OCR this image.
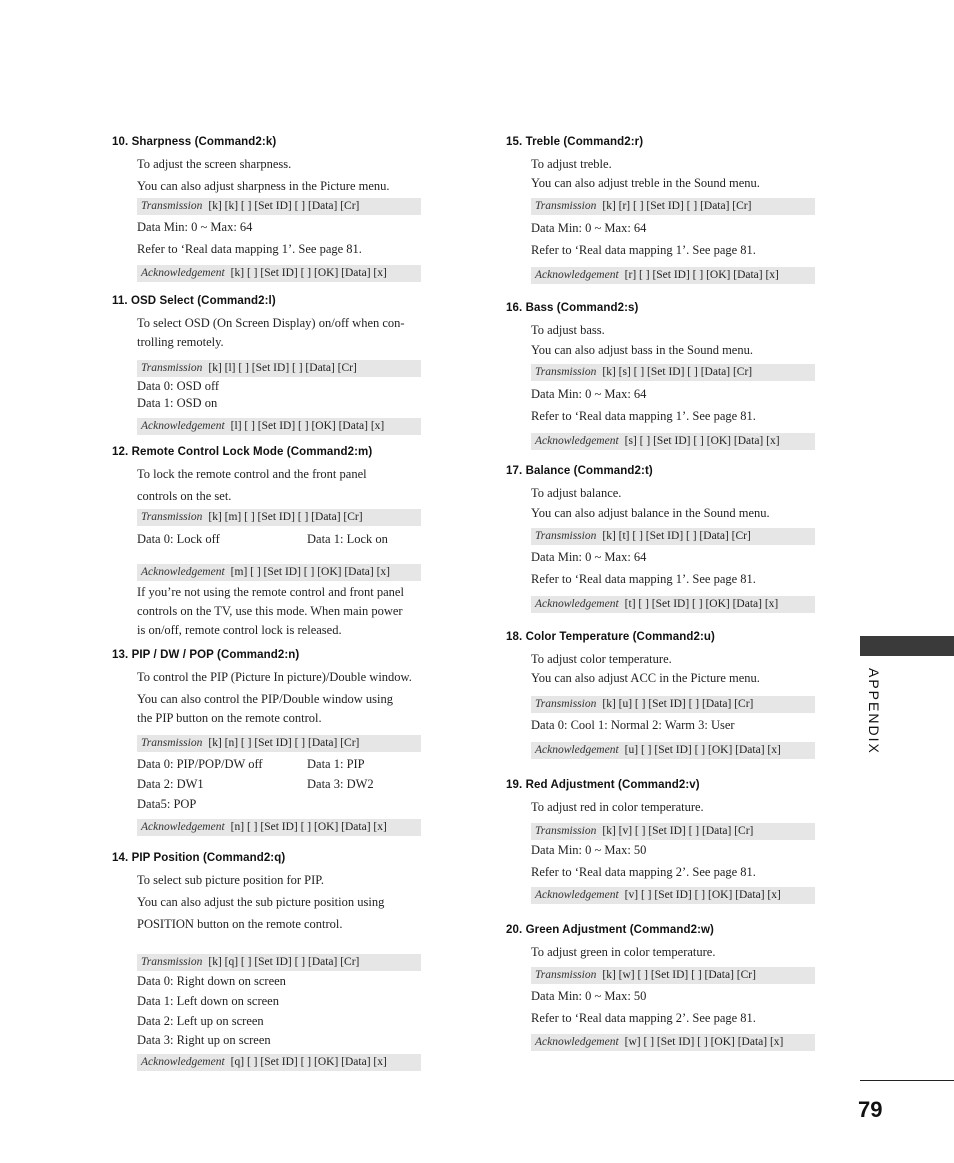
10. Sharpness (Command2:k)
To adjust the screen sharpness.
You can also adjust sharpness in the Picture menu.
Transmission [k] [k] [ ] [Set ID] [ ] [Data] [Cr]
Data Min: 0 ~ Max: 64
Refer to ‘Real data mapping 1’. See page 81.
Acknowledgement [k] [ ] [Set ID] [ ] [OK] [Data] [x]
11. OSD Select (Command2:l)
To select OSD (On Screen Display) on/off when con-
trolling remotely.
Transmission [k] [l] [ ] [Set ID] [ ] [Data] [Cr]
Data 0: OSD off
Data 1: OSD on
Acknowledgement [l] [ ] [Set ID] [ ] [OK] [Data] [x]
12. Remote Control Lock Mode (Command2:m)
To lock the remote control and the front panel
controls on the set.
Transmission [k] [m] [ ] [Set ID] [ ] [Data] [Cr]
Data 0: Lock off	Data 1: Lock on
Acknowledgement [m] [ ] [Set ID] [ ] [OK] [Data] [x]
If you’re not using the remote control and front panel
controls on the TV, use this mode. When main power
is on/off, remote control lock is released.
13. PIP / DW / POP (Command2:n)
To control the PIP (Picture In picture)/Double window.
You can also control the PIP/Double window using
the PIP button on the remote control.
Transmission [k] [n] [ ] [Set ID] [ ] [Data] [Cr]
Data 0: PIP/POP/DW off	Data 1: PIP
Data 2: DW1	Data 3: DW2
Data5: POP
Acknowledgement [n] [ ] [Set ID] [ ] [OK] [Data] [x]
14. PIP Position (Command2:q)
To select sub picture position for PIP.
You can also adjust the sub picture position using
POSITION button on the remote control.
Transmission [k] [q] [ ] [Set ID] [ ] [Data] [Cr]
Data 0: Right down on screen
Data 1: Left down on screen
Data 2: Left up on screen
Data 3: Right up on screen
Acknowledgement [q] [ ] [Set ID] [ ] [OK] [Data] [x]
15. Treble (Command2:r)
To adjust treble.
You can also adjust treble in the Sound menu.
Transmission [k] [r] [ ] [Set ID] [ ] [Data] [Cr]
Data Min: 0 ~ Max: 64
Refer to ‘Real data mapping 1’. See page 81.
Acknowledgement [r] [ ] [Set ID] [ ] [OK] [Data] [x]
16. Bass (Command2:s)
To adjust bass.
You can also adjust bass in the Sound menu.
Transmission [k] [s] [ ] [Set ID] [ ] [Data] [Cr]
Data Min: 0 ~ Max: 64
Refer to ‘Real data mapping 1’. See page 81.
Acknowledgement [s] [ ] [Set ID] [ ] [OK] [Data] [x]
17. Balance (Command2:t)
To adjust balance.
You can also adjust balance in the Sound menu.
Transmission [k] [t] [ ] [Set ID] [ ] [Data] [Cr]
Data Min: 0 ~ Max: 64
Refer to ‘Real data mapping 1’. See page 81.
Acknowledgement [t] [ ] [Set ID] [ ] [OK] [Data] [x]
18. Color Temperature (Command2:u)
To adjust color temperature.
You can also adjust ACC in the Picture menu.
Transmission [k] [u] [ ] [Set ID] [ ] [Data] [Cr]
Data 0: Cool 1: Normal 2: Warm 3: User
Acknowledgement [u] [ ] [Set ID] [ ] [OK] [Data] [x]
19. Red Adjustment (Command2:v)
To adjust red in color temperature.
Transmission [k] [v] [ ] [Set ID] [ ] [Data] [Cr]
Data Min: 0 ~ Max: 50
Refer to ‘Real data mapping 2’. See page 81.
Acknowledgement [v] [ ] [Set ID] [ ] [OK] [Data] [x]
20. Green Adjustment (Command2:w)
To adjust green in color temperature.
Transmission [k] [w] [ ] [Set ID] [ ] [Data] [Cr]
Data Min: 0 ~ Max: 50
Refer to ‘Real data mapping 2’. See page 81.
Acknowledgement [w] [ ] [Set ID] [ ] [OK] [Data] [x]
APPENDIX
79
